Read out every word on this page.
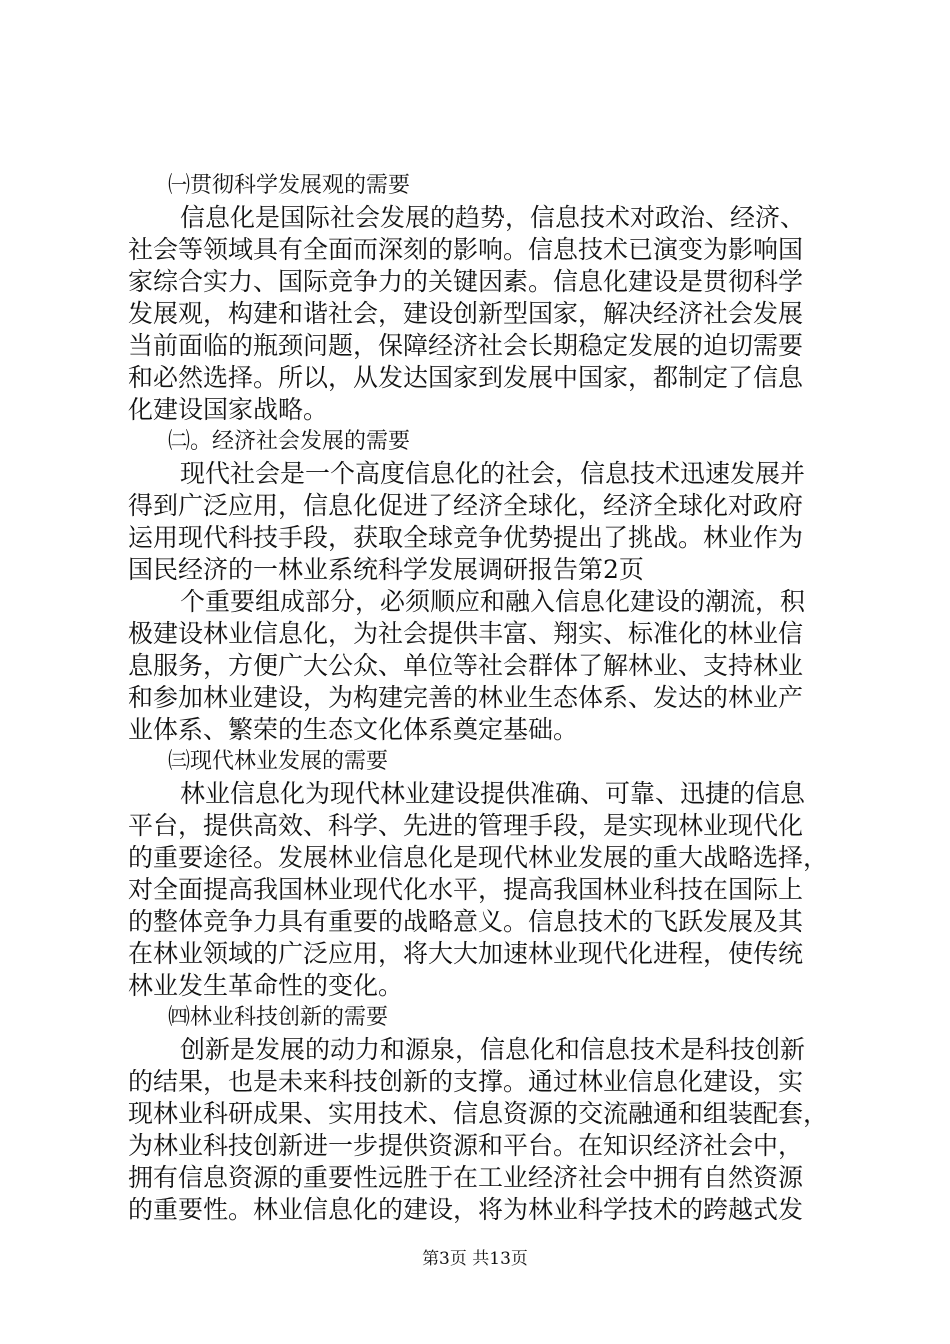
㈠贯彻科学发展观的需要
信息化是国际社会发展的趋势，信息技术对政治、经济、
社会等领域具有全面而深刻的影响。信息技术已演变为影响国
家综合实力、国际竞争力的关键因素。信息化建设是贯彻科学
发展观，构建和谐社会，建设创新型国家，解决经济社会发展
当前面临的瓶颈问题，保障经济社会长期稳定发展的迫切需要
和必然选择。所以，从发达国家到发展中国家，都制定了信息
化建设国家战略。
㈡。经济社会发展的需要
现代社会是一个高度信息化的社会，信息技术迅速发展并
得到广泛应用，信息化促进了经济全球化，经济全球化对政府
运用现代科技手段，获取全球竞争优势提出了挑战。林业作为
国民经济的一林业系统科学发展调研报告第2页
个重要组成部分，必须顺应和融入信息化建设的潮流，积
极建设林业信息化，为社会提供丰富、翔实、标准化的林业信
息服务，方便广大公众、单位等社会群体了解林业、支持林业
和参加林业建设，为构建完善的林业生态体系、发达的林业产
业体系、繁荣的生态文化体系奠定基础。
㈢现代林业发展的需要
林业信息化为现代林业建设提供准确、可靠、迅捷的信息
平台，提供高效、科学、先进的管理手段，是实现林业现代化
的重要途径。发展林业信息化是现代林业发展的重大战略选择，
对全面提高我国林业现代化水平，提高我国林业科技在国际上
的整体竞争力具有重要的战略意义。信息技术的飞跃发展及其
在林业领域的广泛应用，将大大加速林业现代化进程，使传统
林业发生革命性的变化。
㈣林业科技创新的需要
创新是发展的动力和源泉，信息化和信息技术是科技创新
的结果，也是未来科技创新的支撑。通过林业信息化建设，实
现林业科研成果、实用技术、信息资源的交流融通和组装配套，
为林业科技创新进一步提供资源和平台。在知识经济社会中，
拥有信息资源的重要性远胜于在工业经济社会中拥有自然资源
的重要性。林业信息化的建设，将为林业科学技术的跨越式发
第3页 共13页
